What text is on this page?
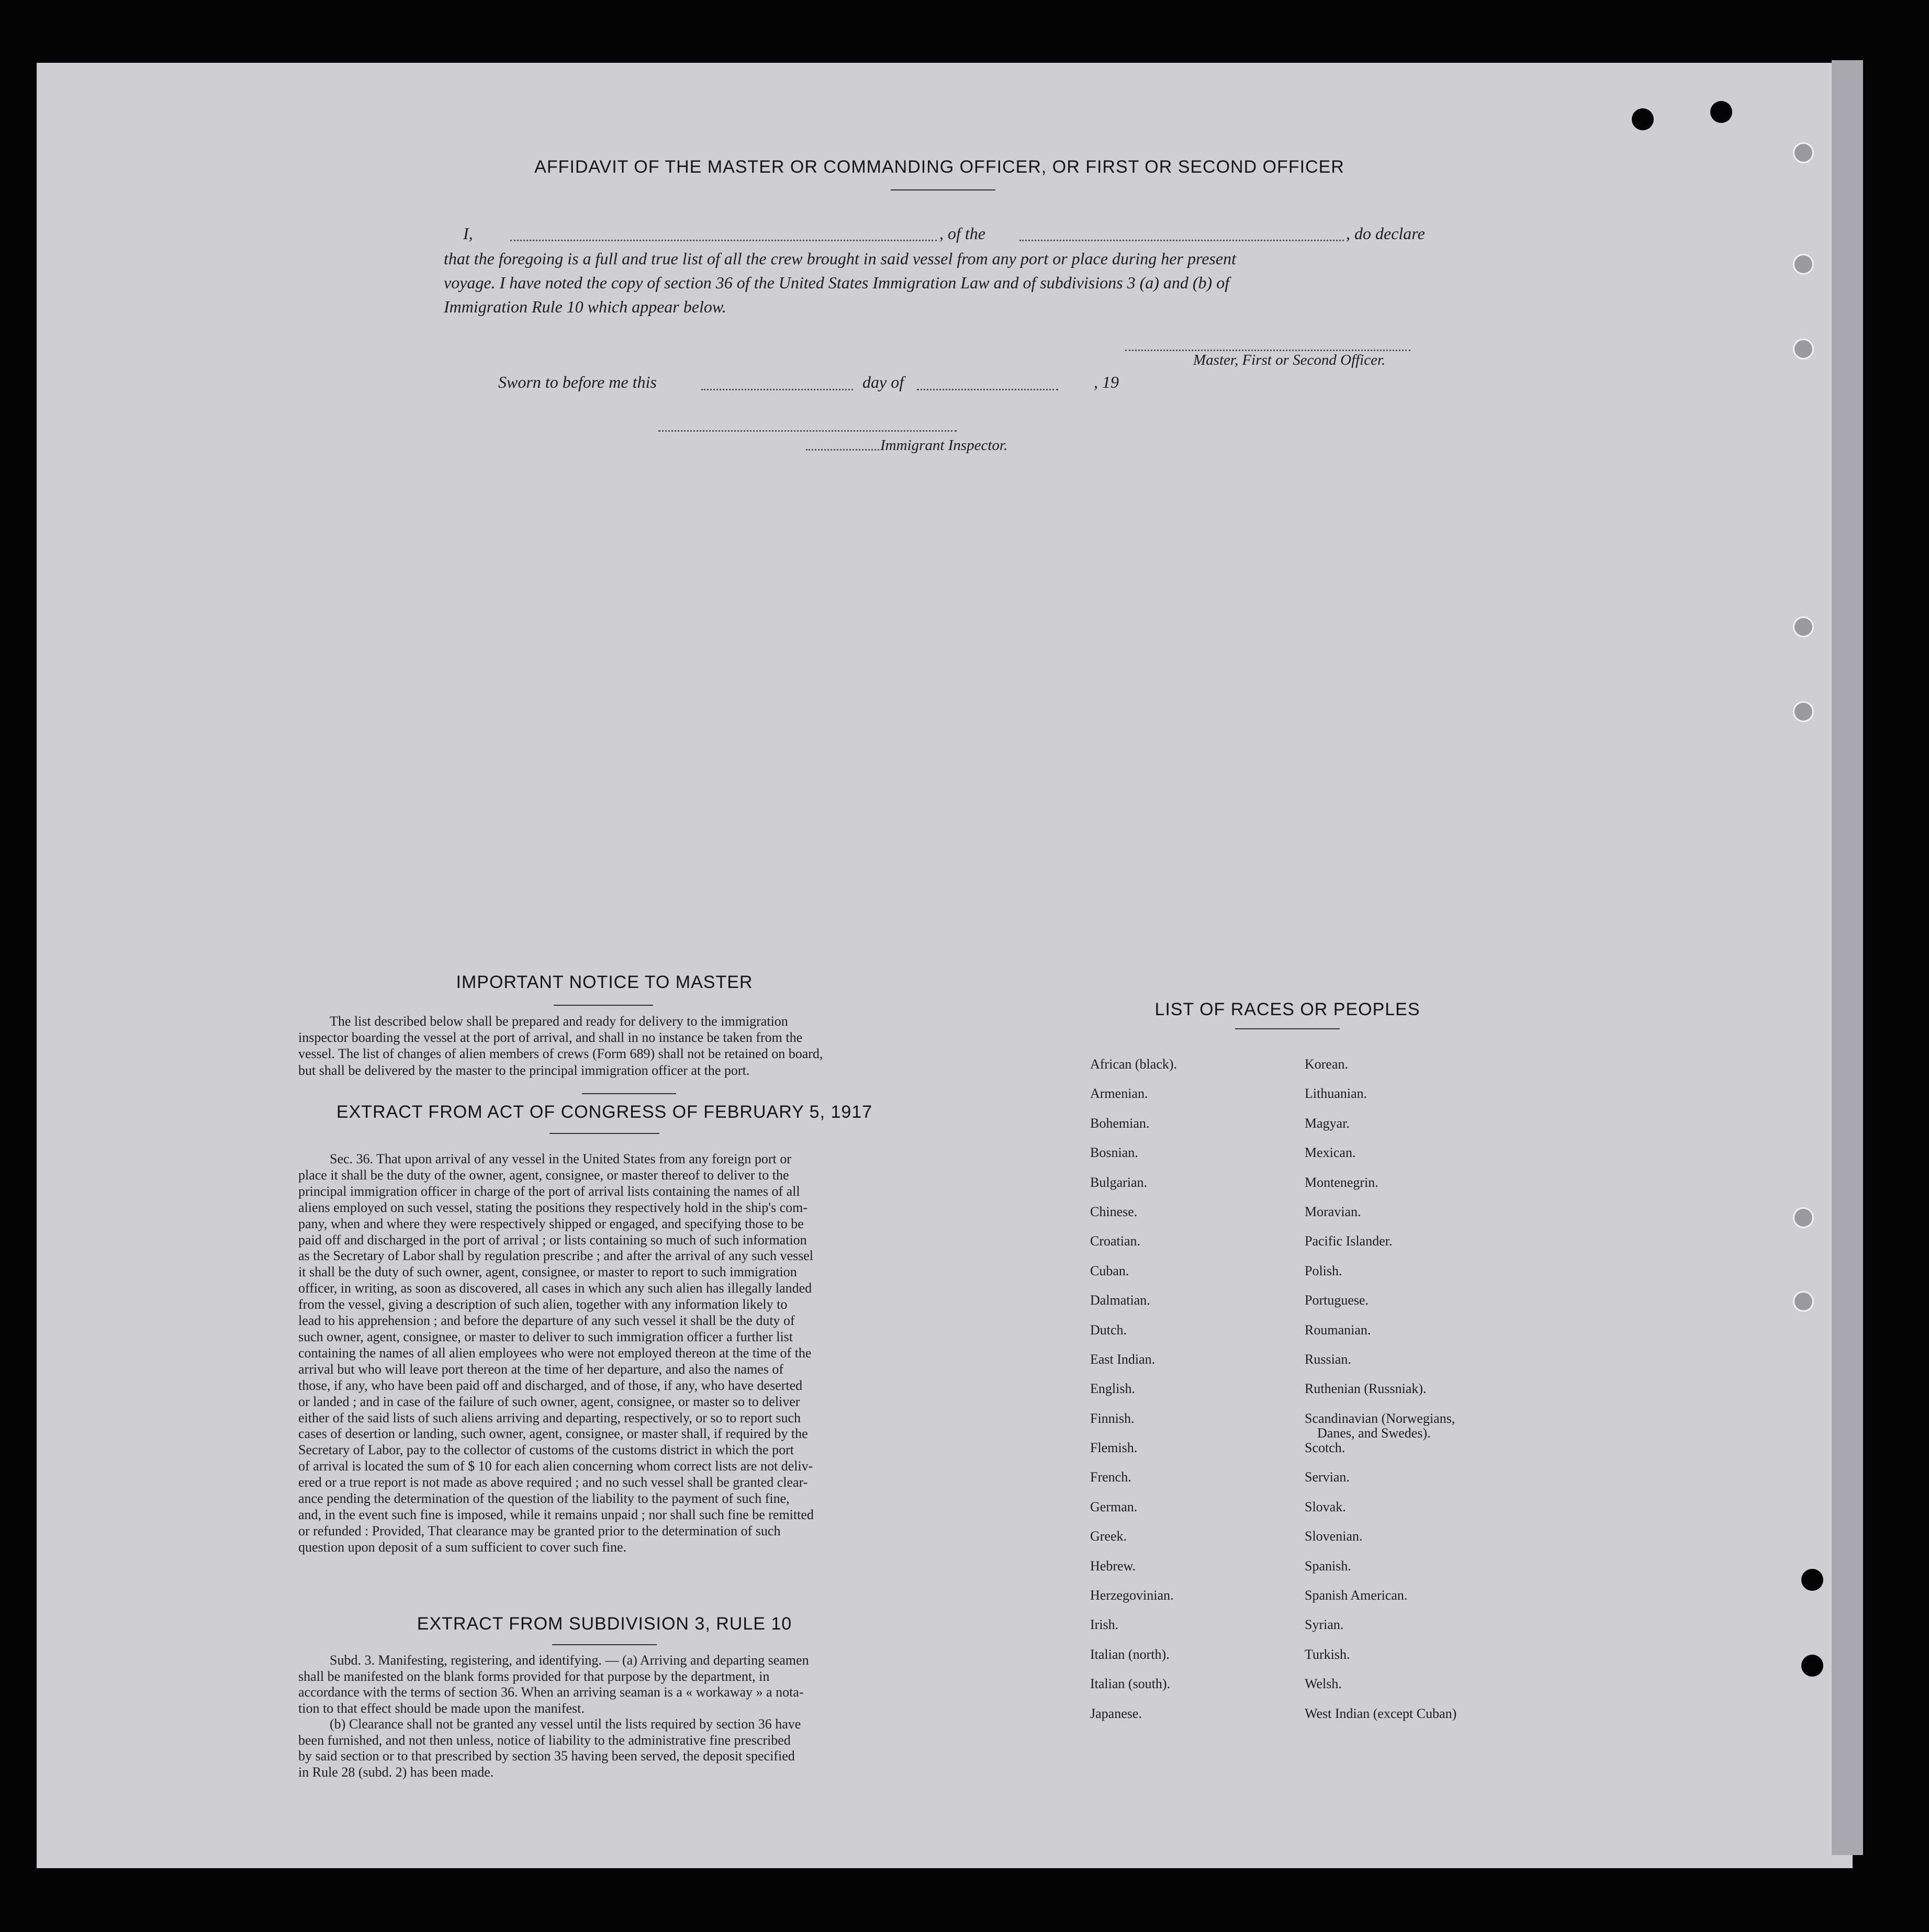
AFFIDAVIT OF THE MASTER OR COMMANDING OFFICER, OR FIRST OR SECOND OFFICER
I,	, of the	, do declare
that the foregoing is a full and true list of all the crew brought in said vessel from any port or place during her present
voyage. I have noted the copy of section 36 of the United States Immigration Law and of subdivisions 3 (a) and (b) of
Immigration Rule 10 which appear below.
Master, First or Second Officer.
Sworn to before me this	day of	, 19
Immigrant Inspector.
IMPORTANT NOTICE TO MASTER
The list described below shall be prepared and ready for delivery to the immigration
inspector boarding the vessel at the port of arrival, and shall in no instance be taken from the
vessel. The list of changes of alien members of crews (Form 689) shall not be retained on board,
but shall be delivered by the master to the principal immigration officer at the port.
EXTRACT FROM ACT OF CONGRESS OF FEBRUARY 5, 1917
Sec. 36. That upon arrival of any vessel in the United States from any foreign port or
place it shall be the duty of the owner, agent, consignee, or master thereof to deliver to the
principal immigration officer in charge of the port of arrival lists containing the names of all
aliens employed on such vessel, stating the positions they respectively hold in the ship's com-
pany, when and where they were respectively shipped or engaged, and specifying those to be
paid off and discharged in the port of arrival ; or lists containing so much of such information
as the Secretary of Labor shall by regulation prescribe ; and after the arrival of any such vessel
it shall be the duty of such owner, agent, consignee, or master to report to such immigration
officer, in writing, as soon as discovered, all cases in which any such alien has illegally landed
from the vessel, giving a description of such alien, together with any information likely to
lead to his apprehension ; and before the departure of any such vessel it shall be the duty of
such owner, agent, consignee, or master to deliver to such immigration officer a further list
containing the names of all alien employees who were not employed thereon at the time of the
arrival but who will leave port thereon at the time of her departure, and also the names of
those, if any, who have been paid off and discharged, and of those, if any, who have deserted
or landed ; and in case of the failure of such owner, agent, consignee, or master so to deliver
either of the said lists of such aliens arriving and departing, respectively, or so to report such
cases of desertion or landing, such owner, agent, consignee, or master shall, if required by the
Secretary of Labor, pay to the collector of customs of the customs district in which the port
of arrival is located the sum of $ 10 for each alien concerning whom correct lists are not deliv-
ered or a true report is not made as above required ; and no such vessel shall be granted clear-
ance pending the determination of the question of the liability to the payment of such fine,
and, in the event such fine is imposed, while it remains unpaid ; nor shall such fine be remitted
or refunded : Provided, That clearance may be granted prior to the determination of such
question upon deposit of a sum sufficient to cover such fine.
EXTRACT FROM SUBDIVISION 3, RULE 10
Subd. 3. Manifesting, registering, and identifying. — (a) Arriving and departing seamen
shall be manifested on the blank forms provided for that purpose by the department, in
accordance with the terms of section 36. When an arriving seaman is a « workaway » a nota-
tion to that effect should be made upon the manifest.
(b) Clearance shall not be granted any vessel until the lists required by section 36 have
been furnished, and not then unless, notice of liability to the administrative fine prescribed
by said section or to that prescribed by section 35 having been served, the deposit specified
in Rule 28 (subd. 2) has been made.
LIST OF RACES OR PEOPLES
African (black).
Armenian.
Bohemian.
Bosnian.
Bulgarian.
Chinese.
Croatian.
Cuban.
Dalmatian.
Dutch.
East Indian.
English.
Finnish.
Flemish.
French.
German.
Greek.
Hebrew.
Herzegovinian.
Irish.
Italian (north).
Italian (south).
Japanese.
Korean.
Lithuanian.
Magyar.
Mexican.
Montenegrin.
Moravian.
Pacific Islander.
Polish.
Portuguese.
Roumanian.
Russian.
Ruthenian (Russniak).
Scandinavian (Norwegians,
Danes, and Swedes).
Scotch.
Servian.
Slovak.
Slovenian.
Spanish.
Spanish American.
Syrian.
Turkish.
Welsh.
West Indian (except Cuban)
